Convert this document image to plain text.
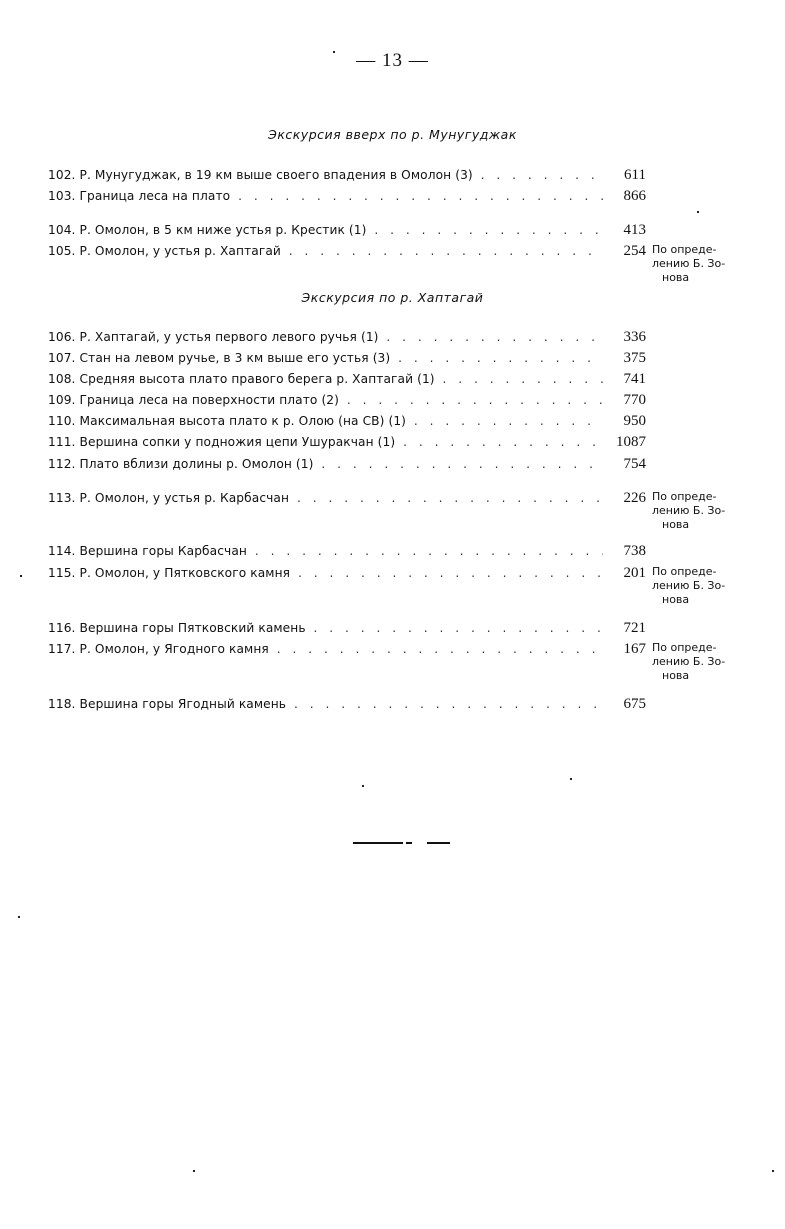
— 13 —
Экскурсия вверх по р. Мунугуджак
102. Р. Мунугуджак, в 19 км выше своего впадения в Омолон (3) . . .	611
103. Граница леса на плато . . .	866
104. Р. Омолон, в 5 км ниже устья р. Крестик (1) . . .	413
105. Р. Омолон, у устья р. Хаптагай . . .	254 По опреде-
лению Б. Зо-
нова
Экскурсия по р. Хаптагай
106. Р. Хаптагай, у устья первого левого ручья (1) . . .	336
107. Стан на левом ручье, в 3 км выше его устья (3) . . .	375
108. Средняя высота плато правого берега р. Хаптагай (1) . . .	741
109. Граница леса на поверхности плато (2) . . .	770
110. Максимальная высота плато к р. Олою (на СВ) (1) . . .	950
111. Вершина сопки у подножия цепи Ушуракчан (1) . . .	1087
112. Плато вблизи долины р. Омолон (1) . . .	754
113. Р. Омолон, у устья р. Карбасчан . . .	226 По опреде-
лению Б. Зо-
нова
114. Вершина горы Карбасчан . . .	738
115. Р. Омолон, у Пятковского камня . . .	201 По опреде-
лению Б. Зо-
нова
116. Вершина горы Пятковский камень . . .	721
117. Р. Омолон, у Ягодного камня . . .	167 По опреде-
лению Б. Зо-
нова
118. Вершина горы Ягодный камень . . .	675
